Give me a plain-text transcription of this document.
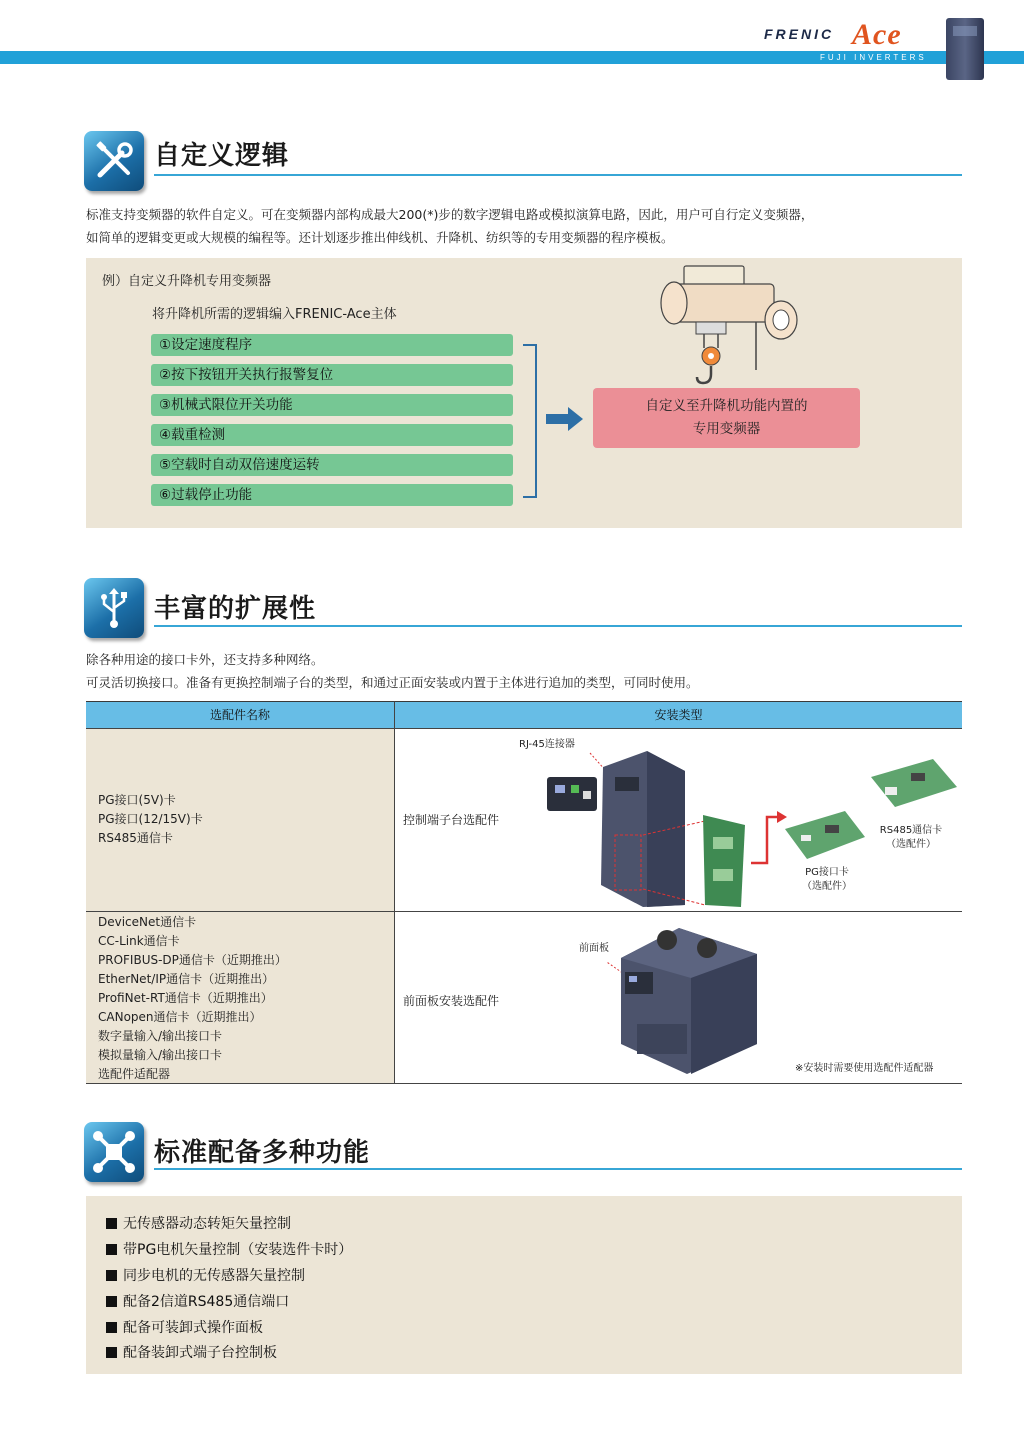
FRENIC Ace
FUJI INVERTERS
自定义逻辑
标准支持变频器的软件自定义。可在变频器内部构成最大200(*)步的数字逻辑电路或模拟演算电路，因此，用户可自行定义变频器，
如简单的逻辑变更或大规模的编程等。还计划逐步推出伸线机、升降机、纺织等的专用变频器的程序模板。
例）自定义升降机专用变频器
将升降机所需的逻辑编入FRENIC-Ace主体
①设定速度程序
②按下按钮开关执行报警复位
③机械式限位开关功能
④载重检测
⑤空载时自动双倍速度运转
⑥过载停止功能
自定义至升降机功能内置的
专用变频器
丰富的扩展性
除各种用途的接口卡外，还支持多种网络。
可灵活切换接口。准备有更换控制端子台的类型，和通过正面安装或内置于主体进行追加的类型，可同时使用。
选配件名称	安装类型
PG接口(5V)卡
PG接口(12/15V)卡
RS485通信卡
控制端子台选配件
RJ-45连接器
RS485通信卡
（选配件）
PG接口卡
（选配件）
DeviceNet通信卡
CC-Link通信卡
PROFIBUS-DP通信卡（近期推出）
EtherNet/IP通信卡（近期推出）
ProfiNet-RT通信卡（近期推出）
CANopen通信卡（近期推出）
数字量输入/输出接口卡
模拟量输入/输出接口卡
选配件适配器
前面板安装选配件
前面板
※安装时需要使用选配件适配器
标准配备多种功能
无传感器动态转矩矢量控制
带PG电机矢量控制（安装选件卡时）
同步电机的无传感器矢量控制
配备2信道RS485通信端口
配备可装卸式操作面板
配备装卸式端子台控制板
